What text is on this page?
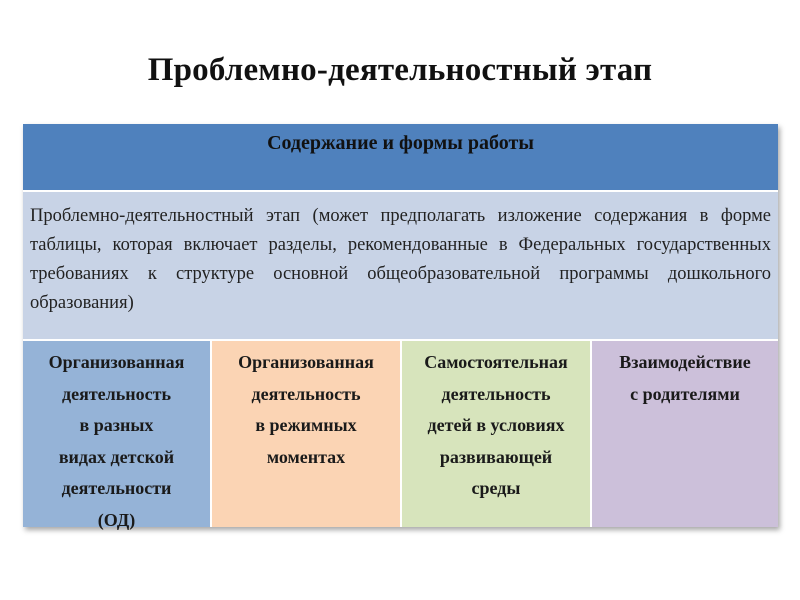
Проблемно-деятельностный этап
Содержание и формы работы
Проблемно-деятельностный этап (может предполагать изложение содержания в форме таблицы, которая включает разделы, рекомендованные в Федеральных государственных требованиях к структуре основной общеобразовательной программы дошкольного образования)
Организованная
деятельность
в разных
видах детской
деятельности
(ОД)
Организованная
деятельность
в режимных
моментах
Самостоятельная
деятельность
детей в условиях
развивающей
среды
Взаимодействие
с родителями
